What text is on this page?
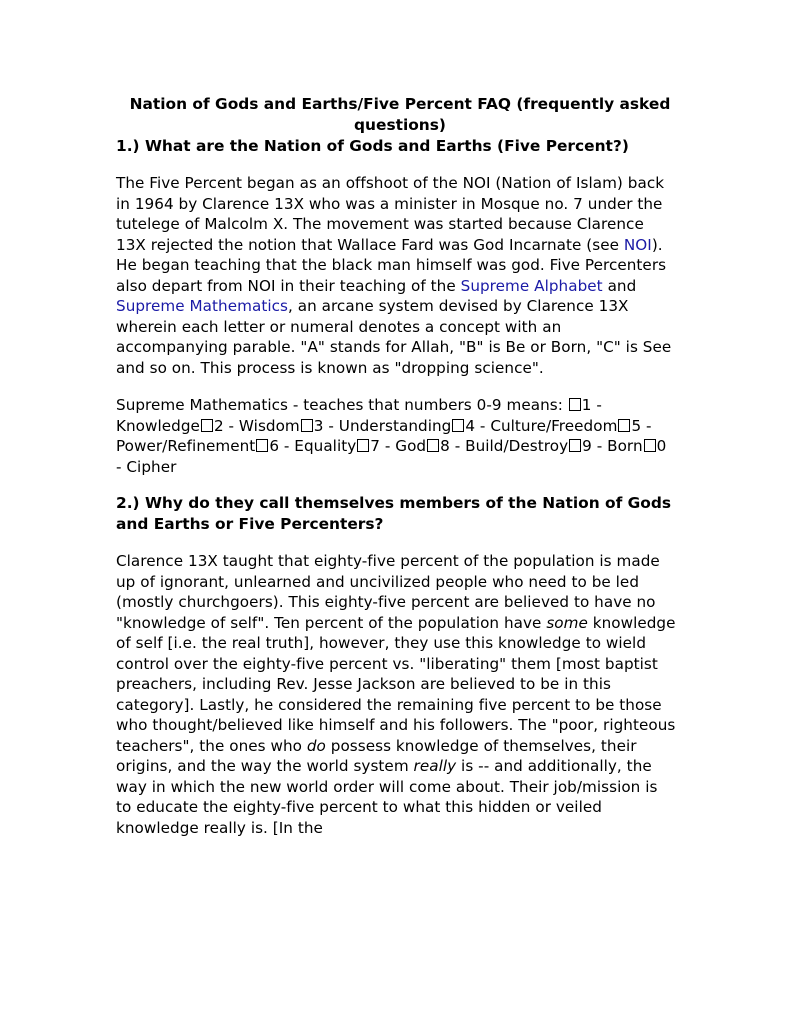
Nation of Gods and Earths/Five Percent FAQ (frequently asked questions)
1.) What are the Nation of Gods and Earths (Five Percent?)

The Five Percent began as an offshoot of the NOI (Nation of Islam) back in 1964 by Clarence 13X who was a minister in Mosque no. 7 under the tutelege of Malcolm X. The movement was started because Clarence 13X rejected the notion that Wallace Fard was God Incarnate (see NOI). He began teaching that the black man himself was god. Five Percenters also depart from NOI in their teaching of the Supreme Alphabet and Supreme Mathematics, an arcane system devised by Clarence 13X wherein each letter or numeral denotes a concept with an accompanying parable. "A" stands for Allah, "B" is Be or Born, "C" is See and so on. This process is known as "dropping science".

Supreme Mathematics - teaches that numbers 0-9 means: 1 - Knowledge 2 - Wisdom 3 - Understanding 4 - Culture/Freedom 5 - Power/Refinement 6 - Equality 7 - God 8 - Build/Destroy 9 - Born 0 - Cipher

2.) Why do they call themselves members of the Nation of Gods and Earths or Five Percenters?

Clarence 13X taught that eighty-five percent of the population is made up of ignorant, unlearned and uncivilized people who need to be led (mostly churchgoers). This eighty-five percent are believed to have no "knowledge of self". Ten percent of the population have some knowledge of self [i.e. the real truth], however, they use this knowledge to wield control over the eighty-five percent vs. "liberating" them [most baptist preachers, including Rev. Jesse Jackson are believed to be in this category]. Lastly, he considered the remaining five percent to be those who thought/believed like himself and his followers. The "poor, righteous teachers", the ones who do possess knowledge of themselves, their origins, and the way the world system really is -- and additionally, the way in which the new world order will come about. Their job/mission is to educate the eighty-five percent to what this hidden or veiled knowledge really is. [In the
